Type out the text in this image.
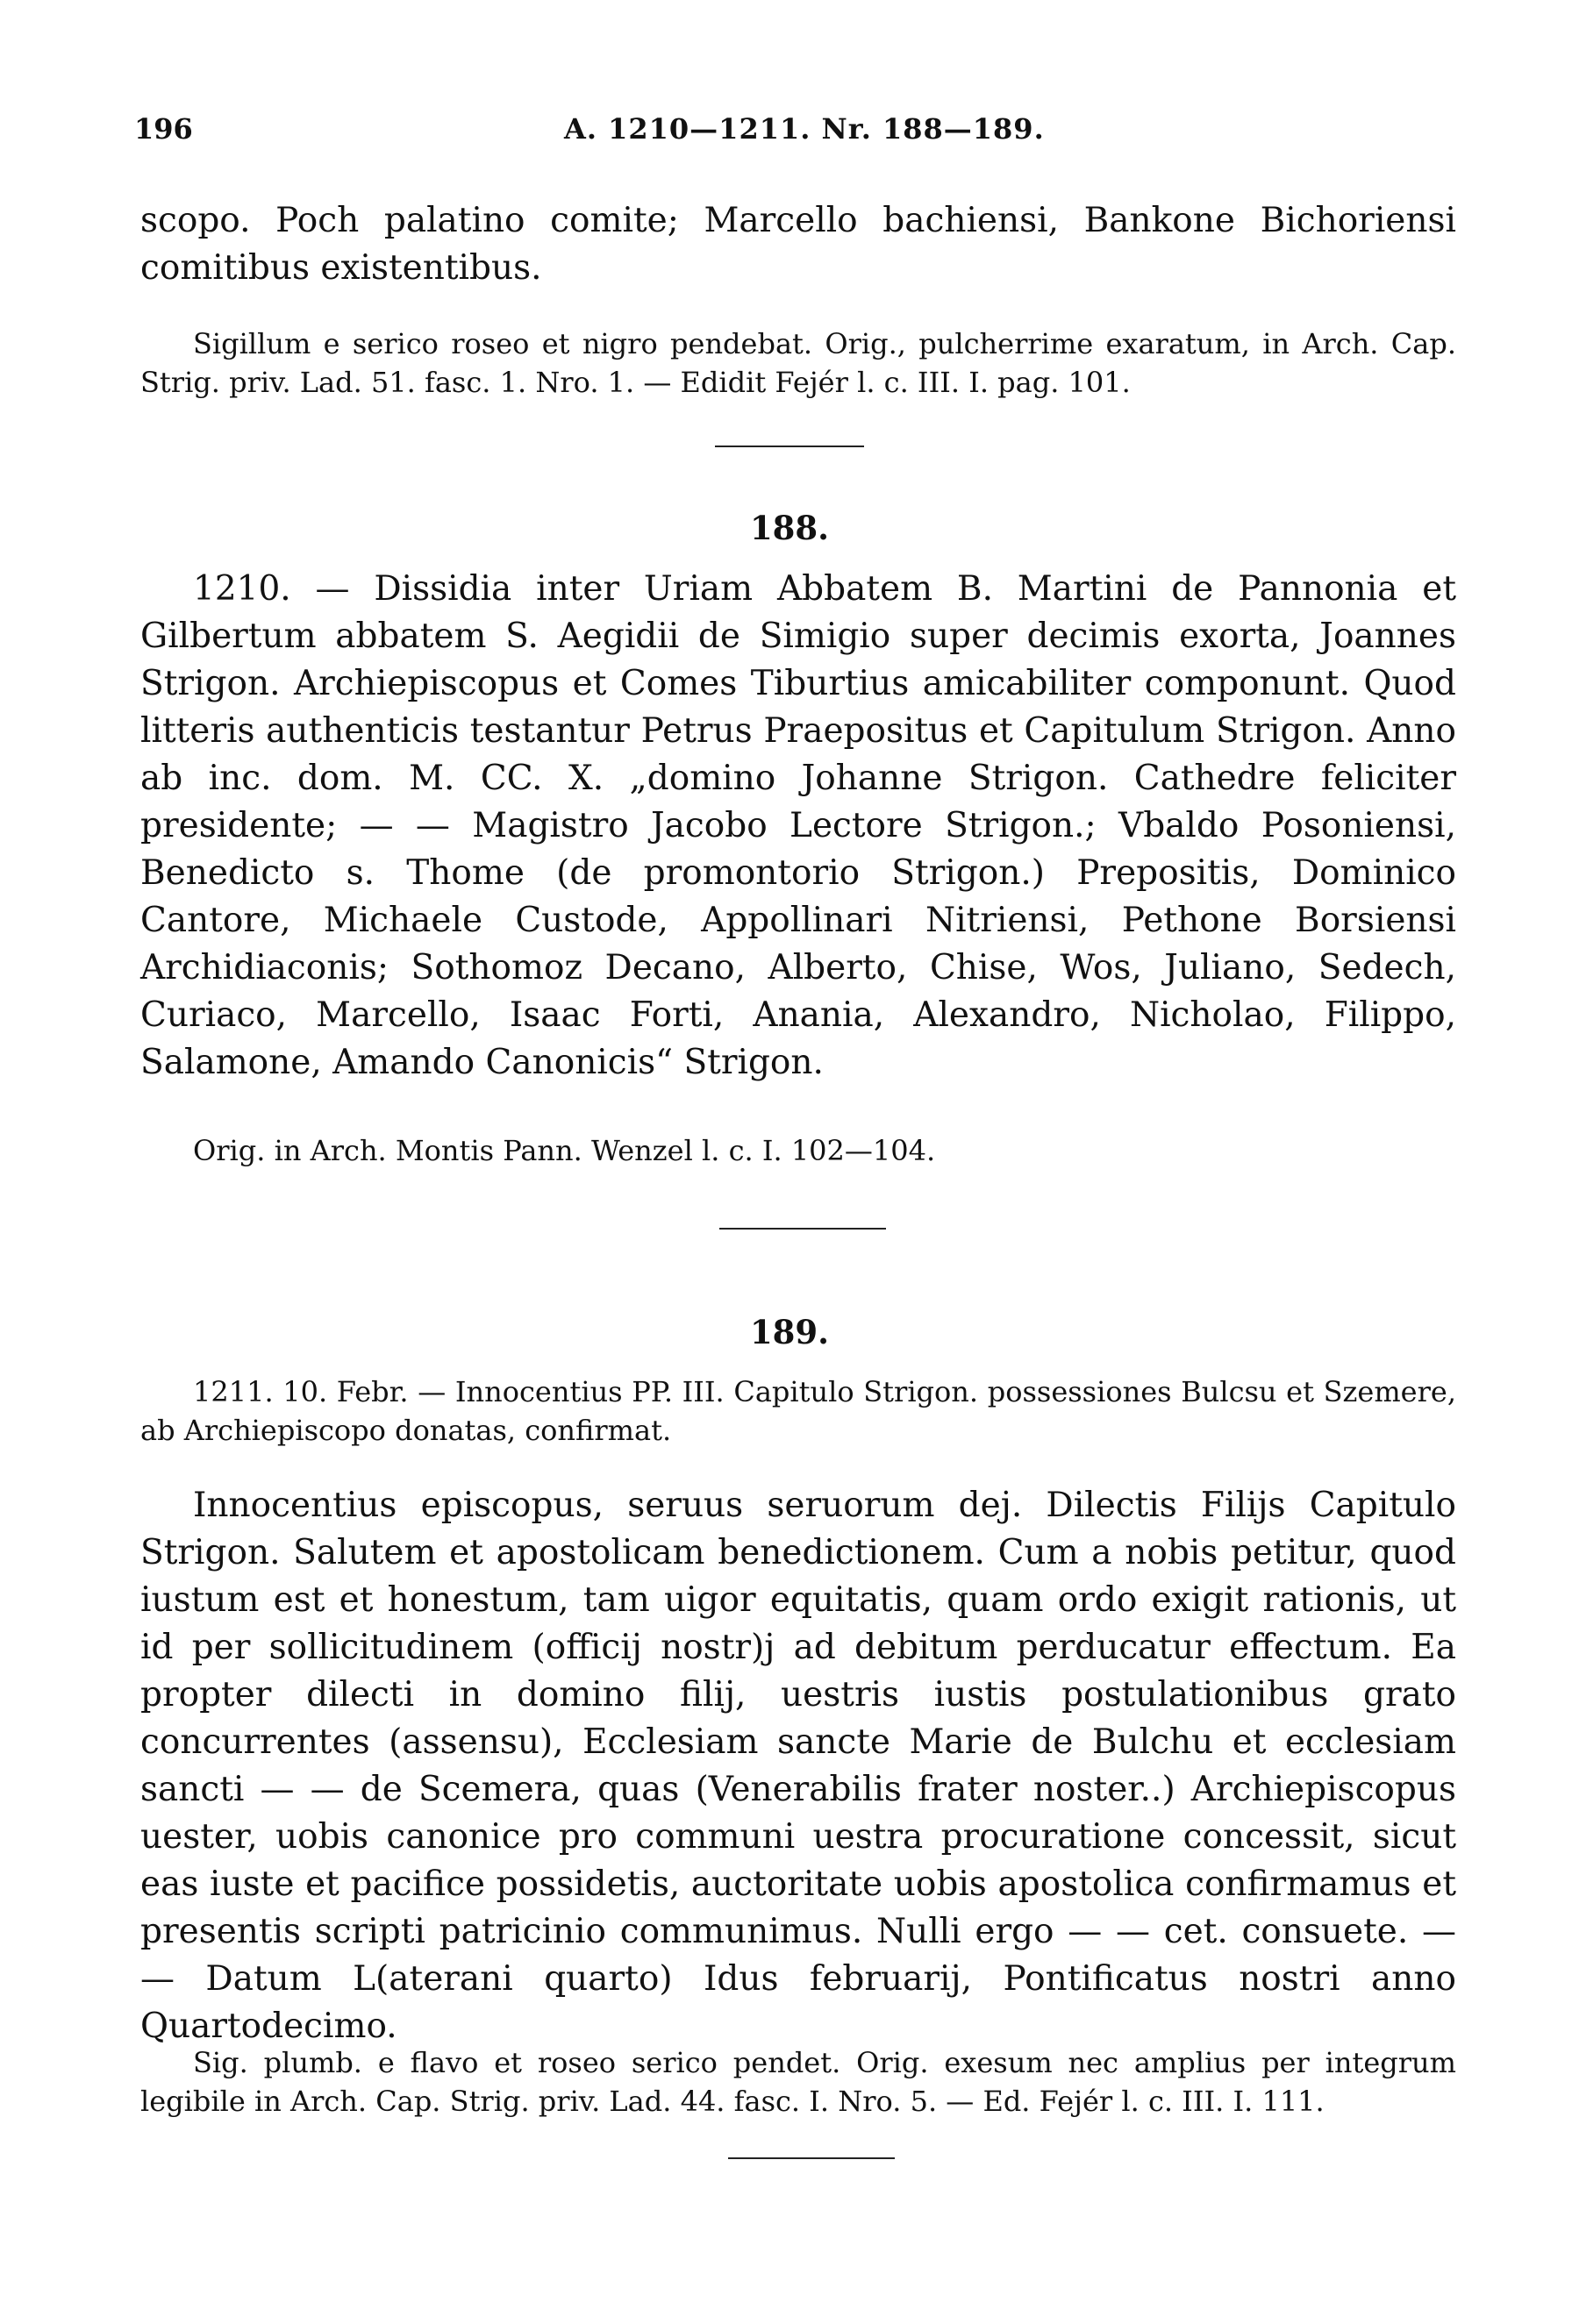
196	A. 1210—1211. Nr. 188—189.

scopo. Poch palatino comite; Marcello bachiensi, Bankone Bichoriensi comitibus existentibus.

Sigillum e serico roseo et nigro pendebat. Orig., pulcherrime exaratum, in Arch. Cap. Strig. priv. Lad. 51. fasc. 1. Nro. 1. — Edidit Fejér l. c. III. I. pag. 101.

188.

1210. — Dissidia inter Uriam Abbatem B. Martini de Pannonia et Gilbertum abbatem S. Aegidii de Simigio super decimis exorta, Joannes Strigon. Archiepiscopus et Comes Tiburtius amicabiliter componunt. Quod litteris authenticis testantur Petrus Praepositus et Capitulum Strigon. Anno ab inc. dom. M. CC. X. „domino Johanne Strigon. Cathedre feliciter presidente; — — Magistro Jacobo Lectore Strigon.; Vbaldo Posoniensi, Benedicto s. Thome (de promontorio Strigon.) Prepositis, Dominico Cantore, Michaele Custode, Appollinari Nitriensi, Pethone Borsiensi Archidiaconis; Sothomoz Decano, Alberto, Chise, Wos, Juliano, Sedech, Curiaco, Marcello, Isaac Forti, Anania, Alexandro, Nicholao, Filippo, Salamone, Amando Canonicis“ Strigon.

Orig. in Arch. Montis Pann. Wenzel l. c. I. 102—104.

189.

1211. 10. Febr. — Innocentius PP. III. Capitulo Strigon. possessiones Bulcsu et Szemere, ab Archiepiscopo donatas, confirmat.

Innocentius episcopus, seruus seruorum dej. Dilectis Filijs Capitulo Strigon. Salutem et apostolicam benedictionem. Cum a nobis petitur, quod iustum est et honestum, tam uigor equitatis, quam ordo exigit rationis, ut id per sollicitudinem (officij nostr)j ad debitum perducatur effectum. Ea propter dilecti in domino filij, uestris iustis postulationibus grato concurrentes (assensu), Ecclesiam sancte Marie de Bulchu et ecclesiam sancti — — de Scemera, quas (Venerabilis frater noster..) Archiepiscopus uester, uobis canonice pro communi uestra procuratione concessit, sicut eas iuste et pacifice possidetis, auctoritate uobis apostolica confirmamus et presentis scripti patricinio communimus. Nulli ergo — — cet. consuete. — — Datum L(aterani quarto) Idus februarij, Pontificatus nostri anno Quartodecimo.

Sig. plumb. e flavo et roseo serico pendet. Orig. exesum nec amplius per integrum legibile in Arch. Cap. Strig. priv. Lad. 44. fasc. I. Nro. 5. — Ed. Fejér l. c. III. I. 111.
